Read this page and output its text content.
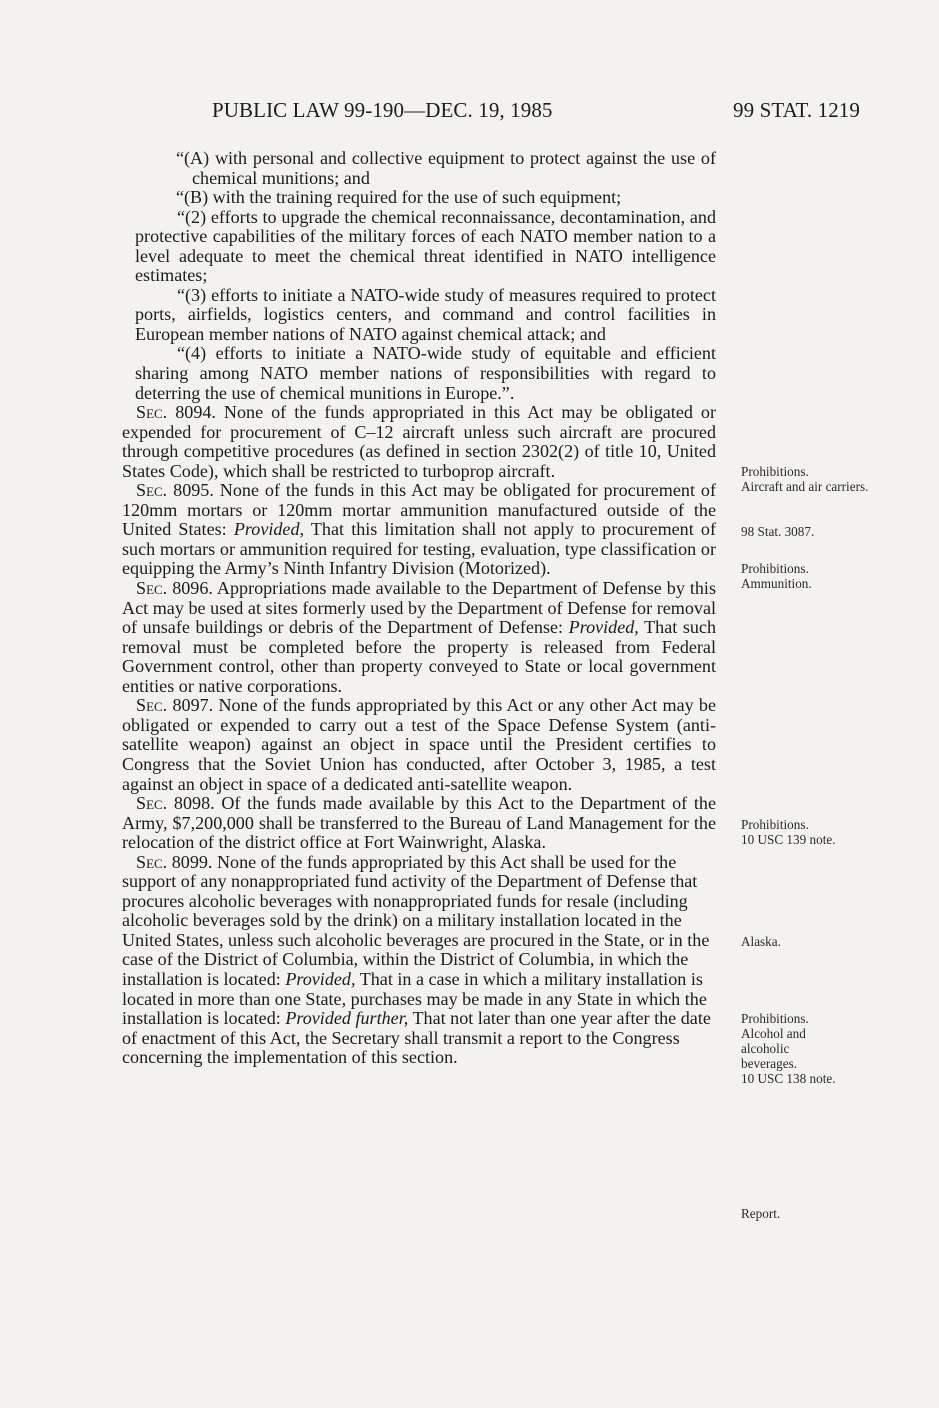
PUBLIC LAW 99-190—DEC. 19, 1985	99 STAT. 1219

“(A) with personal and collective equipment to protect against the use of chemical munitions; and

“(B) with the training required for the use of such equipment;

“(2) efforts to upgrade the chemical reconnaissance, decontamination, and protective capabilities of the military forces of each NATO member nation to a level adequate to meet the chemical threat identified in NATO intelligence estimates;

“(3) efforts to initiate a NATO-wide study of measures required to protect ports, airfields, logistics centers, and command and control facilities in European member nations of NATO against chemical attack; and

“(4) efforts to initiate a NATO-wide study of equitable and efficient sharing among NATO member nations of responsibilities with regard to deterring the use of chemical munitions in Europe.”.

Sec. 8094. None of the funds appropriated in this Act may be obligated or expended for procurement of C–12 aircraft unless such aircraft are procured through competitive procedures (as defined in section 2302(2) of title 10, United States Code), which shall be restricted to turboprop aircraft.

Sec. 8095. None of the funds in this Act may be obligated for procurement of 120mm mortars or 120mm mortar ammunition manufactured outside of the United States: Provided, That this limitation shall not apply to procurement of such mortars or ammunition required for testing, evaluation, type classification or equipping the Army’s Ninth Infantry Division (Motorized).

Sec. 8096. Appropriations made available to the Department of Defense by this Act may be used at sites formerly used by the Department of Defense for removal of unsafe buildings or debris of the Department of Defense: Provided, That such removal must be completed before the property is released from Federal Government control, other than property conveyed to State or local government entities or native corporations.

Sec. 8097. None of the funds appropriated by this Act or any other Act may be obligated or expended to carry out a test of the Space Defense System (anti-satellite weapon) against an object in space until the President certifies to Congress that the Soviet Union has conducted, after October 3, 1985, a test against an object in space of a dedicated anti-satellite weapon.

Sec. 8098. Of the funds made available by this Act to the Department of the Army, $7,200,000 shall be transferred to the Bureau of Land Management for the relocation of the district office at Fort Wainwright, Alaska.

Sec. 8099. None of the funds appropriated by this Act shall be used for the support of any nonappropriated fund activity of the Department of Defense that procures alcoholic beverages with nonappropriated funds for resale (including alcoholic beverages sold by the drink) on a military installation located in the United States, unless such alcoholic beverages are procured in the State, or in the case of the District of Columbia, within the District of Columbia, in which the installation is located: Provided, That in a case in which a military installation is located in more than one State, purchases may be made in any State in which the installation is located: Provided further, That not later than one year after the date of enactment of this Act, the Secretary shall transmit a report to the Congress concerning the implementation of this section.

Prohibitions.
Aircraft and air carriers.
98 Stat. 3087.
Prohibitions.
Ammunition.
Prohibitions.
10 USC 139 note.
Alaska.
Prohibitions.
Alcohol and alcoholic beverages.
10 USC 138 note.
Report.
